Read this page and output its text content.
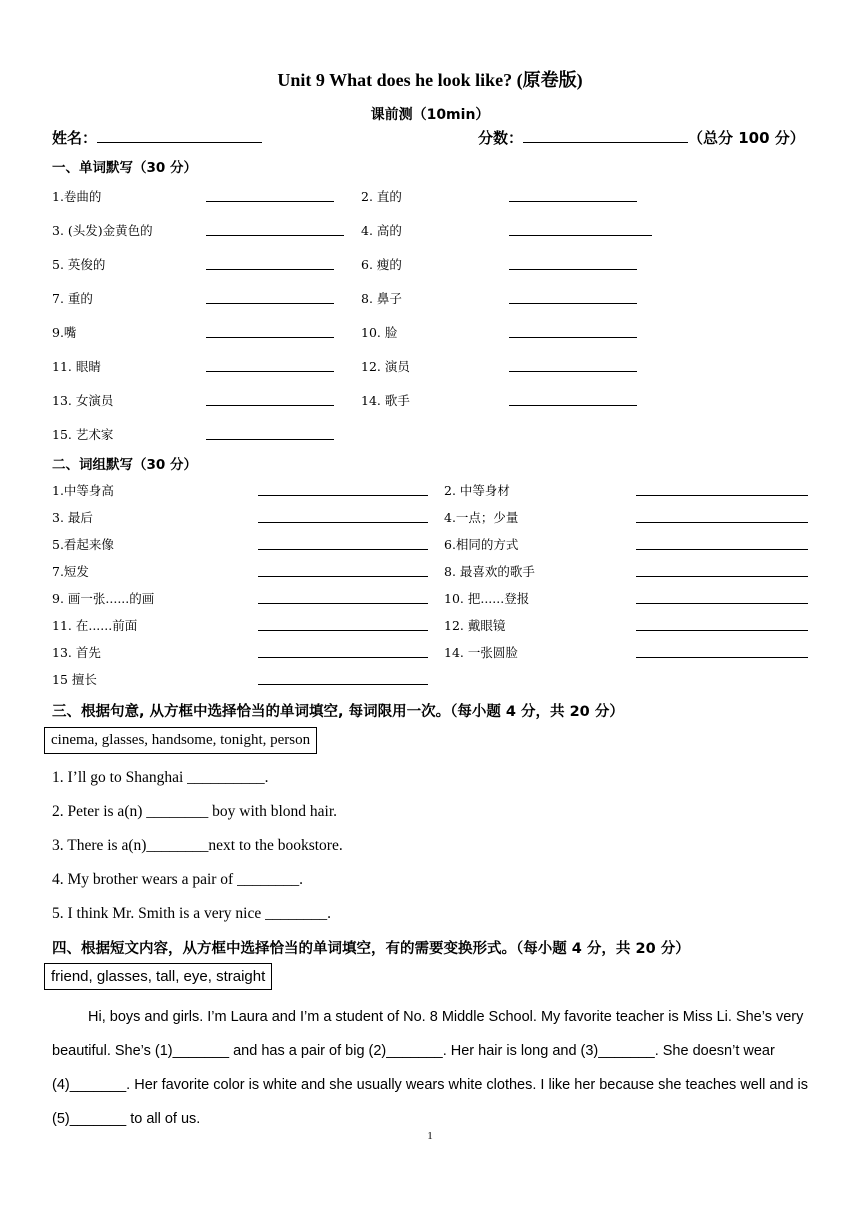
Unit 9 What does he look like? (原卷版)
课前测（10min）
姓名：	分数：	（总分 100 分）
一、单词默写（30 分）
1.卷曲的
3. (头发)金黄色的
5. 英俊的
7. 重的
9.嘴
11. 眼睛
13. 女演员
15. 艺术家
2. 直的
4. 高的
6. 瘦的
8. 鼻子
10. 脸
12. 演员
14. 歌手
二、词组默写（30 分）
1.中等身高
3. 最后
5.看起来像
7.短发
9. 画一张......的画
11. 在......前面
13. 首先
15 擅长
2. 中等身材
4.一点；少量
6.相同的方式
8. 最喜欢的歌手
10. 把......登报
12. 戴眼镜
14. 一张圆脸
三、根据句意, 从方框中选择恰当的单词填空, 每词限用一次。（每小题 4 分，共 20 分）
cinema, glasses, handsome, tonight, person
1. I’ll go to Shanghai __________.
2. Peter is a(n) ________ boy with blond hair.
3. There is a(n)________next to the bookstore.
4. My brother wears a pair of ________.
5. I think Mr. Smith is a very nice ________.
四、根据短文内容，从方框中选择恰当的单词填空，有的需要变换形式。（每小题 4 分，共 20 分）
friend, glasses, tall, eye, straight
Hi, boys and girls. I’m Laura and I’m a student of No. 8 Middle School. My favorite teacher is Miss Li. She’s very beautiful. She’s (1)_______ and has a pair of big (2)_______. Her hair is long and (3)_______. She doesn’t wear (4)_______. Her favorite color is white and she usually wears white clothes. I like her because she teaches well and is (5)_______ to all of us.
1
